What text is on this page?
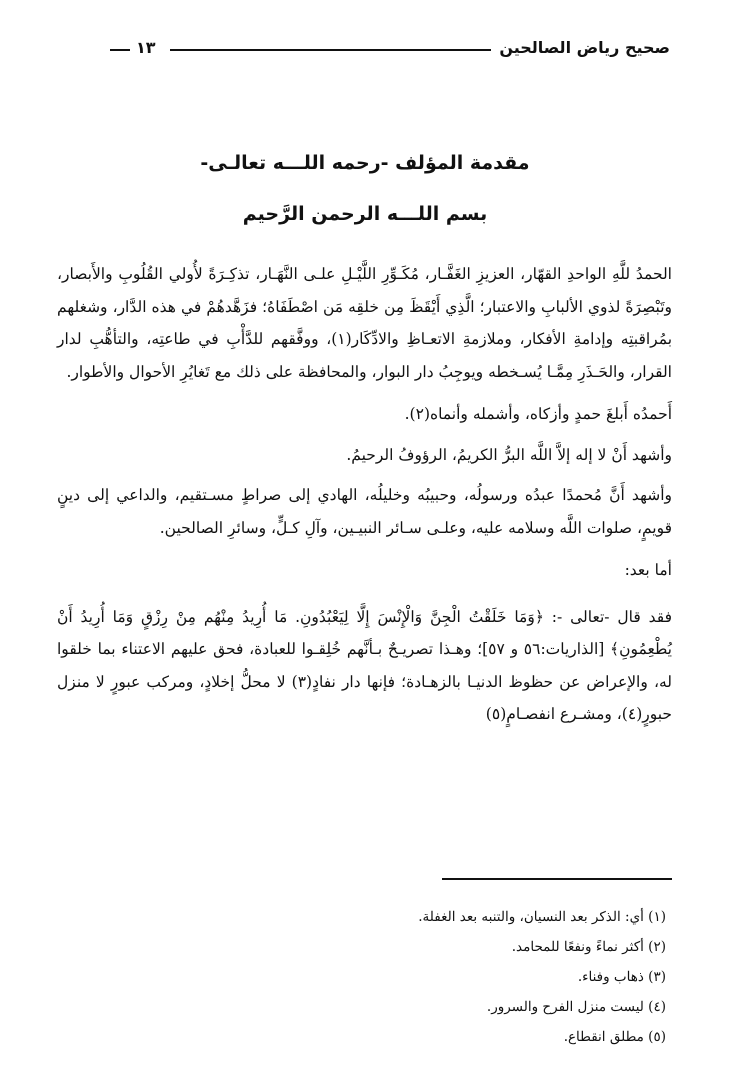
صحيح رياض الصالحين
١٣
مقدمة المؤلف -رحمه اللـــه تعالـى-
بسم اللـــه الرحمن الرَّحيم

الحمدُ للَّهِ الواحدِ القهّار، العزيزِ الغَفَّـار، مُكَـوِّرِ اللَّيْـلِ علـى النَّهَـار، تذكِـرَةً لأُولي القُلُوبِ والأَبصار، وتَبْصِرَةً لذوي الألبابِ والاعتبار؛ الَّذِي أَيْقَظَ مِن خلقِه مَن اصْطَفَاهُ؛ فزَهَّدهُمْ في هذه الدَّار، وشغلهم بمُراقبتِه وإدامةِ الأفكار، وملازمةِ الاتعـاظِ والادِّكَار(١)، ووفَّقهم للدَّأْبِ في طاعتِه، والتأهُّبِ لدار القرار، والحَـذَرِ مِمَّـا يُسـخطه ويوجِبُ دار البوار، والمحافظة على ذلك مع تَغايُرِ الأحوال والأطوار.

أَحمدُه أَبلغَ حمدٍ وأزكاه، وأشمله وأنماه(٢).

وأشهد أَنْ لا إله إلاَّ اللَّه البرُّ الكريمُ، الرؤوفُ الرحيمُ.

وأشهد أَنَّ مُحمدًا عبدُه ورسولُه، وحبيبُه وخليلُه، الهادي إلى صراطٍ مسـتقيم، والداعي إلى دينٍ قويمٍ، صلوات اللَّه وسلامه عليه، وعلـى سـائر النبيـين، وآلِ كـلٍّ، وسائرِ الصالحين.

أما بعد:

فقد قال -تعالى -: ﴿وَمَا خَلَقْتُ الْجِنَّ وَالْإِنْسَ إِلَّا لِيَعْبُدُونِ. مَا أُرِيدُ مِنْهُم مِنْ رِزْقٍ وَمَا أُرِيدُ أَنْ يُطْعِمُونِ﴾ [الذاريات:٥٦ و ٥٧]؛ وهـذا تصريـحٌ بـأنَّهم خُلِقـوا للعبادة، فحق عليهم الاعتناء بما خلقوا له، والإعراض عن حظوظ الدنيـا بالزهـادة؛ فإنها دار نفادٍ(٣) لا محلُّ إخلادٍ، ومركب عبورٍ لا منزل حبورٍ(٤)، ومشـرع انفصـامٍ(٥)

(١) أي: الذكر بعد النسيان، والتنبه بعد الغفلة.
(٢) أكثر نماءً ونفعًا للمحامد.
(٣) ذهاب وفناء.
(٤) ليست منزل الفرح والسرور.
(٥) مطلق انقطاع.
